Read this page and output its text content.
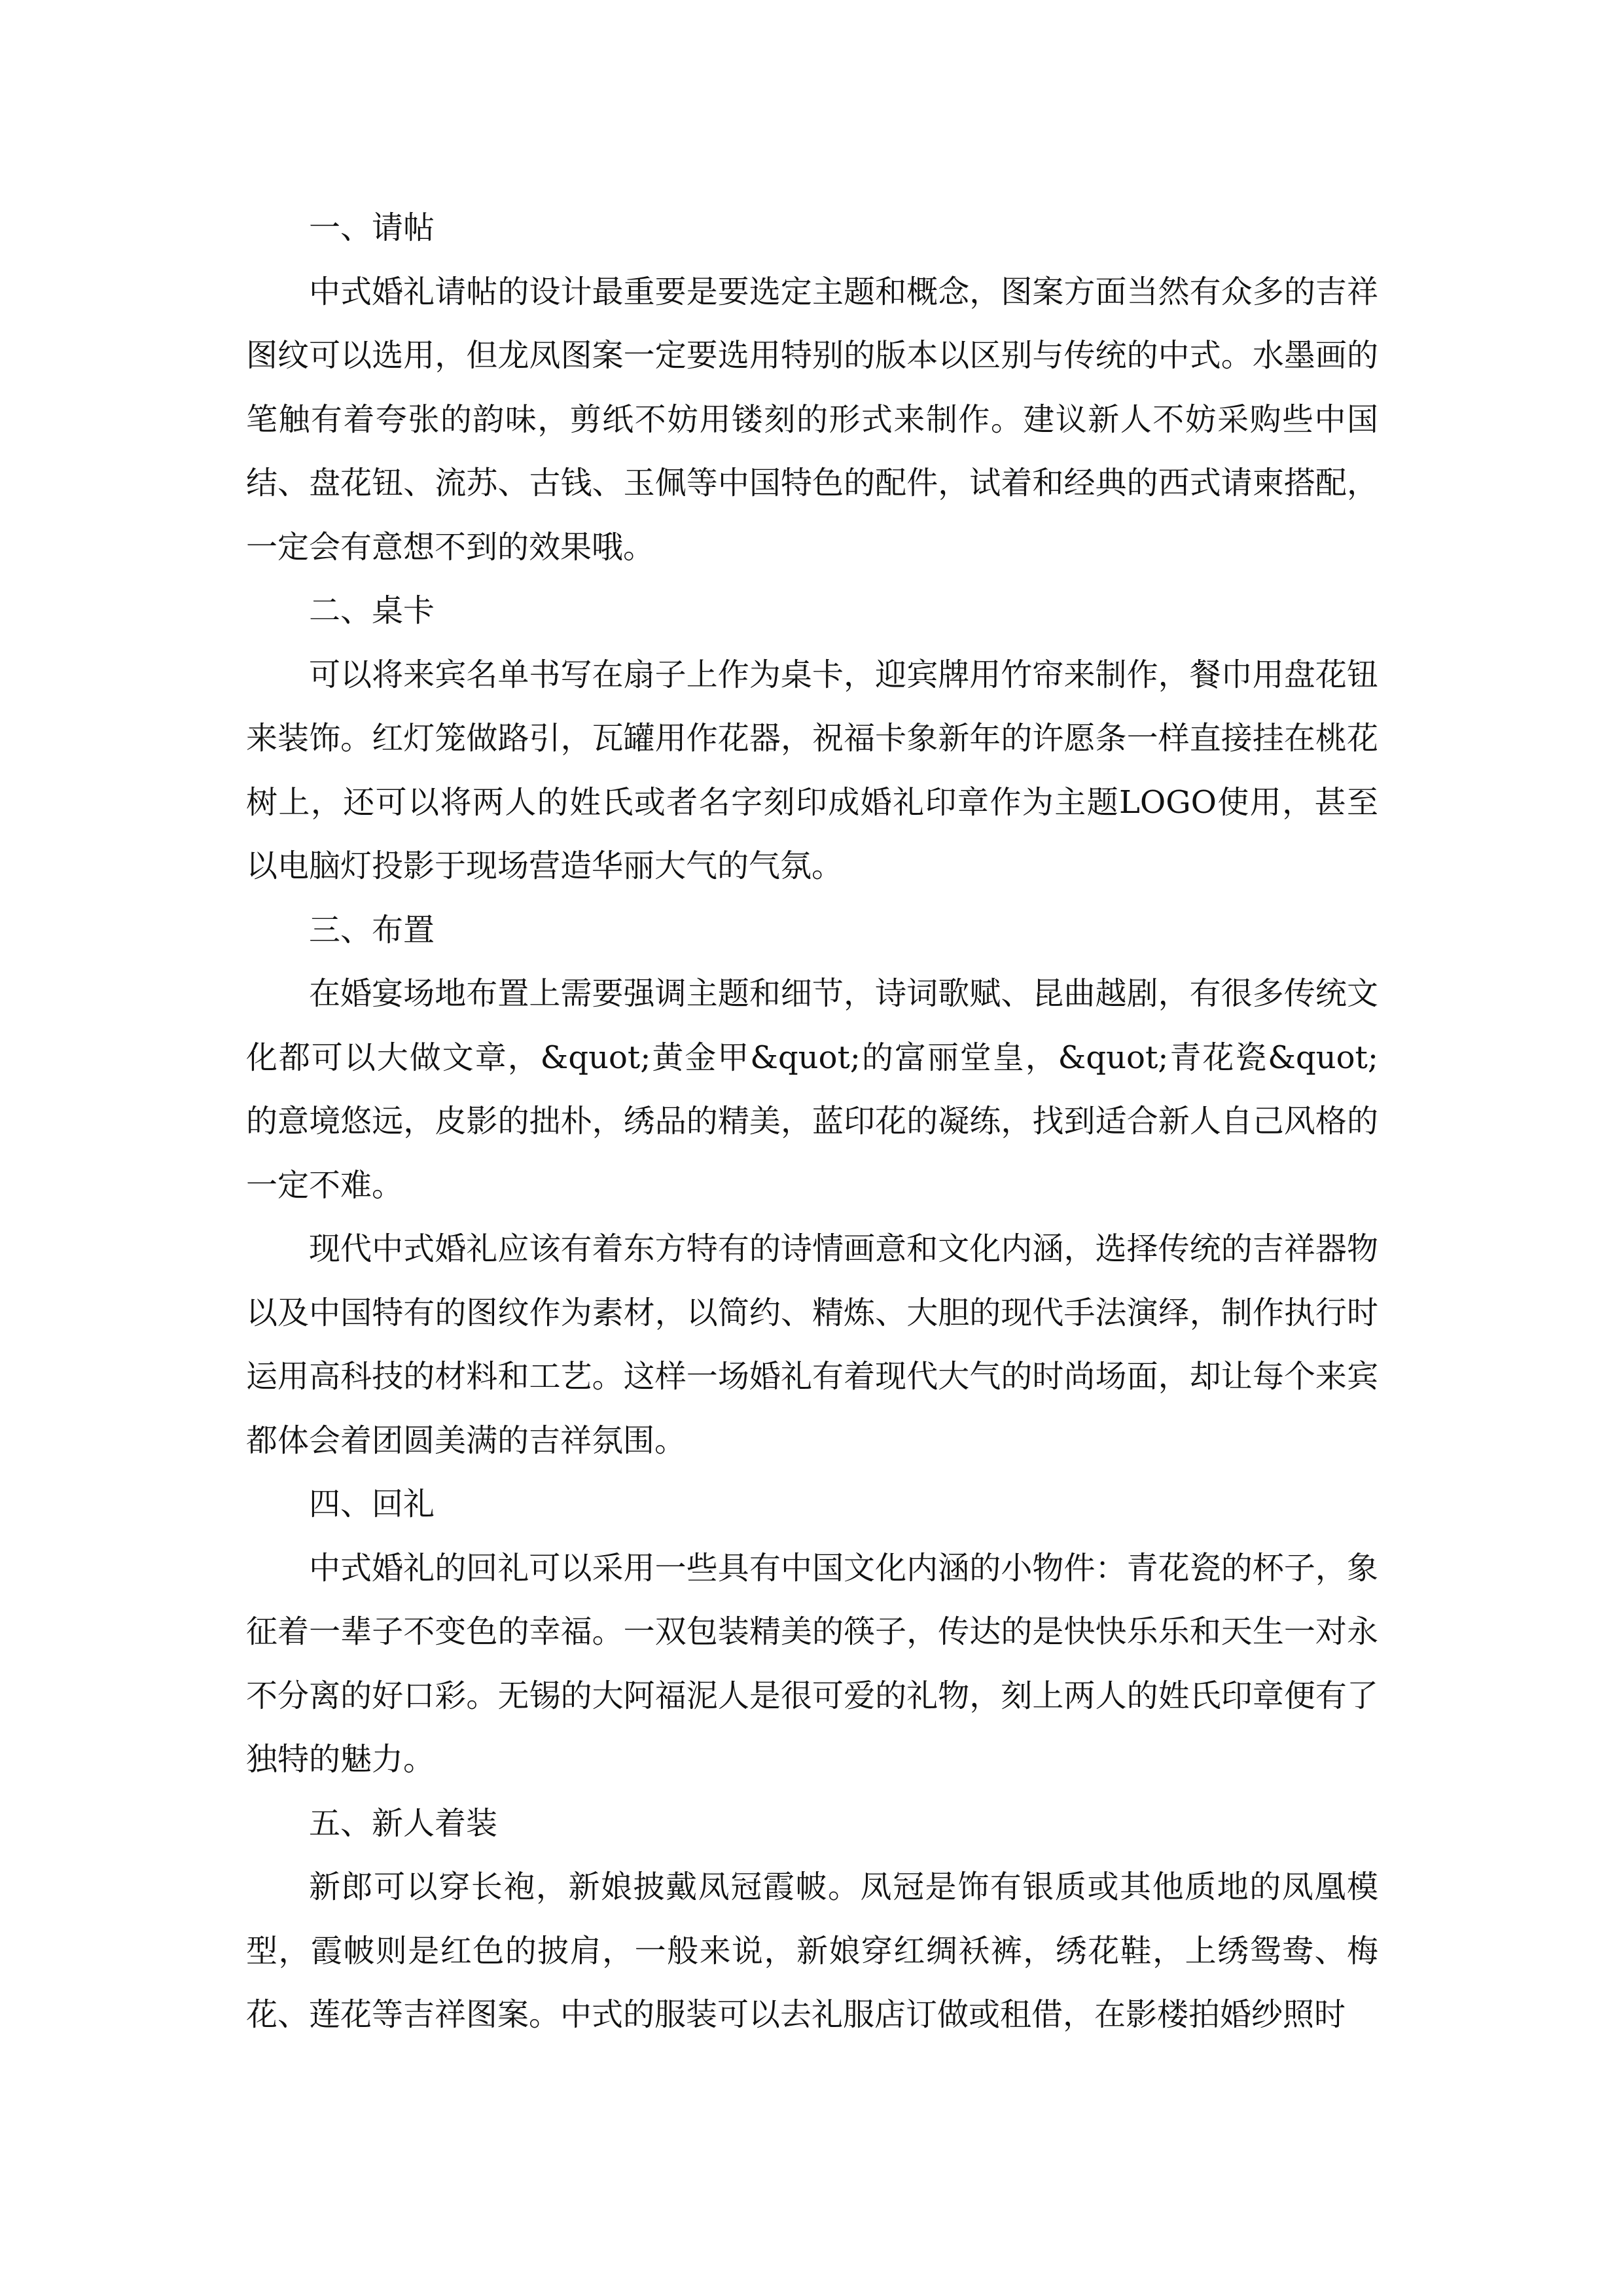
一、请帖

中式婚礼请帖的设计最重要是要选定主题和概念，图案方面当然有众多的吉祥图纹可以选用，但龙凤图案一定要选用特别的版本以区别与传统的中式。水墨画的笔触有着夸张的韵味，剪纸不妨用镂刻的形式来制作。建议新人不妨采购些中国结、盘花钮、流苏、古钱、玉佩等中国特色的配件，试着和经典的西式请柬搭配，一定会有意想不到的效果哦。

二、桌卡

可以将来宾名单书写在扇子上作为桌卡，迎宾牌用竹帘来制作，餐巾用盘花钮来装饰。红灯笼做路引，瓦罐用作花器，祝福卡象新年的许愿条一样直接挂在桃花树上，还可以将两人的姓氏或者名字刻印成婚礼印章作为主题LOGO使用，甚至以电脑灯投影于现场营造华丽大气的气氛。

三、布置

在婚宴场地布置上需要强调主题和细节，诗词歌赋、昆曲越剧，有很多传统文化都可以大做文章，&quot;黄金甲&quot;的富丽堂皇，&quot;青花瓷&quot;的意境悠远，皮影的拙朴，绣品的精美，蓝印花的凝练，找到适合新人自己风格的一定不难。

现代中式婚礼应该有着东方特有的诗情画意和文化内涵，选择传统的吉祥器物以及中国特有的图纹作为素材，以简约、精炼、大胆的现代手法演绎，制作执行时运用高科技的材料和工艺。这样一场婚礼有着现代大气的时尚场面，却让每个来宾都体会着团圆美满的吉祥氛围。

四、回礼

中式婚礼的回礼可以采用一些具有中国文化内涵的小物件：青花瓷的杯子，象征着一辈子不变色的幸福。一双包装精美的筷子，传达的是快快乐乐和天生一对永不分离的好口彩。无锡的大阿福泥人是很可爱的礼物，刻上两人的姓氏印章便有了独特的魅力。

五、新人着装

新郎可以穿长袍，新娘披戴凤冠霞帔。凤冠是饰有银质或其他质地的凤凰模型，霞帔则是红色的披肩，一般来说，新娘穿红绸袄裤，绣花鞋，上绣鸳鸯、梅花、莲花等吉祥图案。中式的服装可以去礼服店订做或租借，在影楼拍婚纱照时
